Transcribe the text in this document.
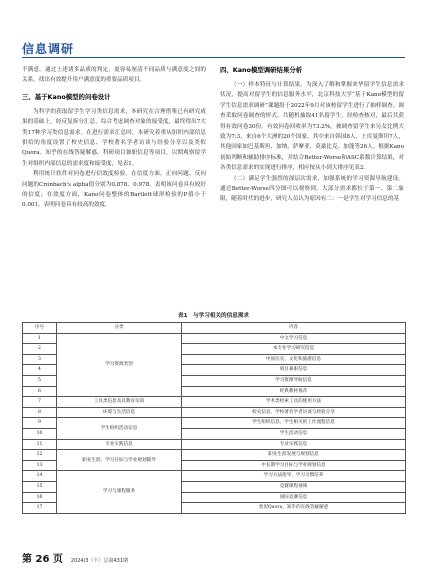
信息调研

不满意。通过上述诸多品质的判定，更容易厘清不同品质与满意度之间的关系，找出有效提升用户满意度的重要品质项目。

三、基于Kano模型的问卷设计

为科学的获取留学生学习类信息需求，本研究在合理借鉴已有研究成果的基础上，经反复拆分汇总，综合考虑调查对象的接受度，最终得出7大类17种学习类信息需求。在进行需求汇总时，本研究着重从组织内部信息供给的角度设置了校史信息、学校著名学者访谈与经验分享以及类似Quora、知乎的在线答疑解惑、科研项目兼职信息等项目，以期观察留学生对组织内部信息的需求度和接受度，见表1。

利用统计软件对问卷进行信效度检验。在信度方面，正向问题、反向问题的Cronbach's alpha值分别为0.878、0.978，表明该问卷具有较好的信度；在效度方面，Kano问卷整体的Bartlett球形检验的P值小于0.001，表明问卷具有较高的效度。

四、Kano模型调研结果分析

（一）样本特征与计算结果。为深入了解和掌握来华留学生信息需求状况，提高对留学生的信息服务水平，北京科技大学“基于Kano模型的留学生信息需求调研”课题组于2022年9月对该校留学生进行了抽样调查。调查采取问卷调查的形式，共随机抽取41名留学生，经检查核对，最后共获得有效问卷30份，有效问卷回收率为73.2%。被调查留学生来另女比例大致为7:3，来自6个大洲的20个国家，其中来自韩国8人，土库曼斯坦7人，其他国家如巴基斯坦、加纳、萨摩亚、莫桑比克、加蓬等26人。根据Kano初始判断和辅助排序标准，并结合Better-Worse和ASC系数计算结果，对各类信息需求的实现进行排序，相应按从小到大排序见表2。

（二）满足学生强烈的深层次需求，加强系统的学习资源导航建设。通过Better-Worse四分图可以观察到，大部分需求都位于第一、第二象限，随着时代的进步，研究人员认为原因有二：一是学生对学习信息的基

表1　与学习相关的信息需求
序号	分类	内容
1	学习资源类型	中文学习信息
2		本专业学习研究信息
3		中国历史、文化和旅游信息
4		项目兼职信息
5		学习资源导航信息
6		经典教材推荐
7	工具类信息及其教育培训	学术类检索工具的使用方法
8	环境与生活信息	校史信息、学校著名学者访谈与经验分享
9	学生组织活动信息	学生组织信息、学生相关的工作流程信息
10		学生活动信息
11	专业实践信息	专业实践信息
12	职业生涯、学习目标与学业规划辅导	职业生涯发展与规划信息
13		中长期学习目标与学业规划信息
14	学习与课程服务	学习方法指导、学习习惯培养
15		竞赛课程视频
16		国际竞赛信息
17		类似Quora、知乎的在线答疑解惑
第 26 页 2024/3（下）总第431期
